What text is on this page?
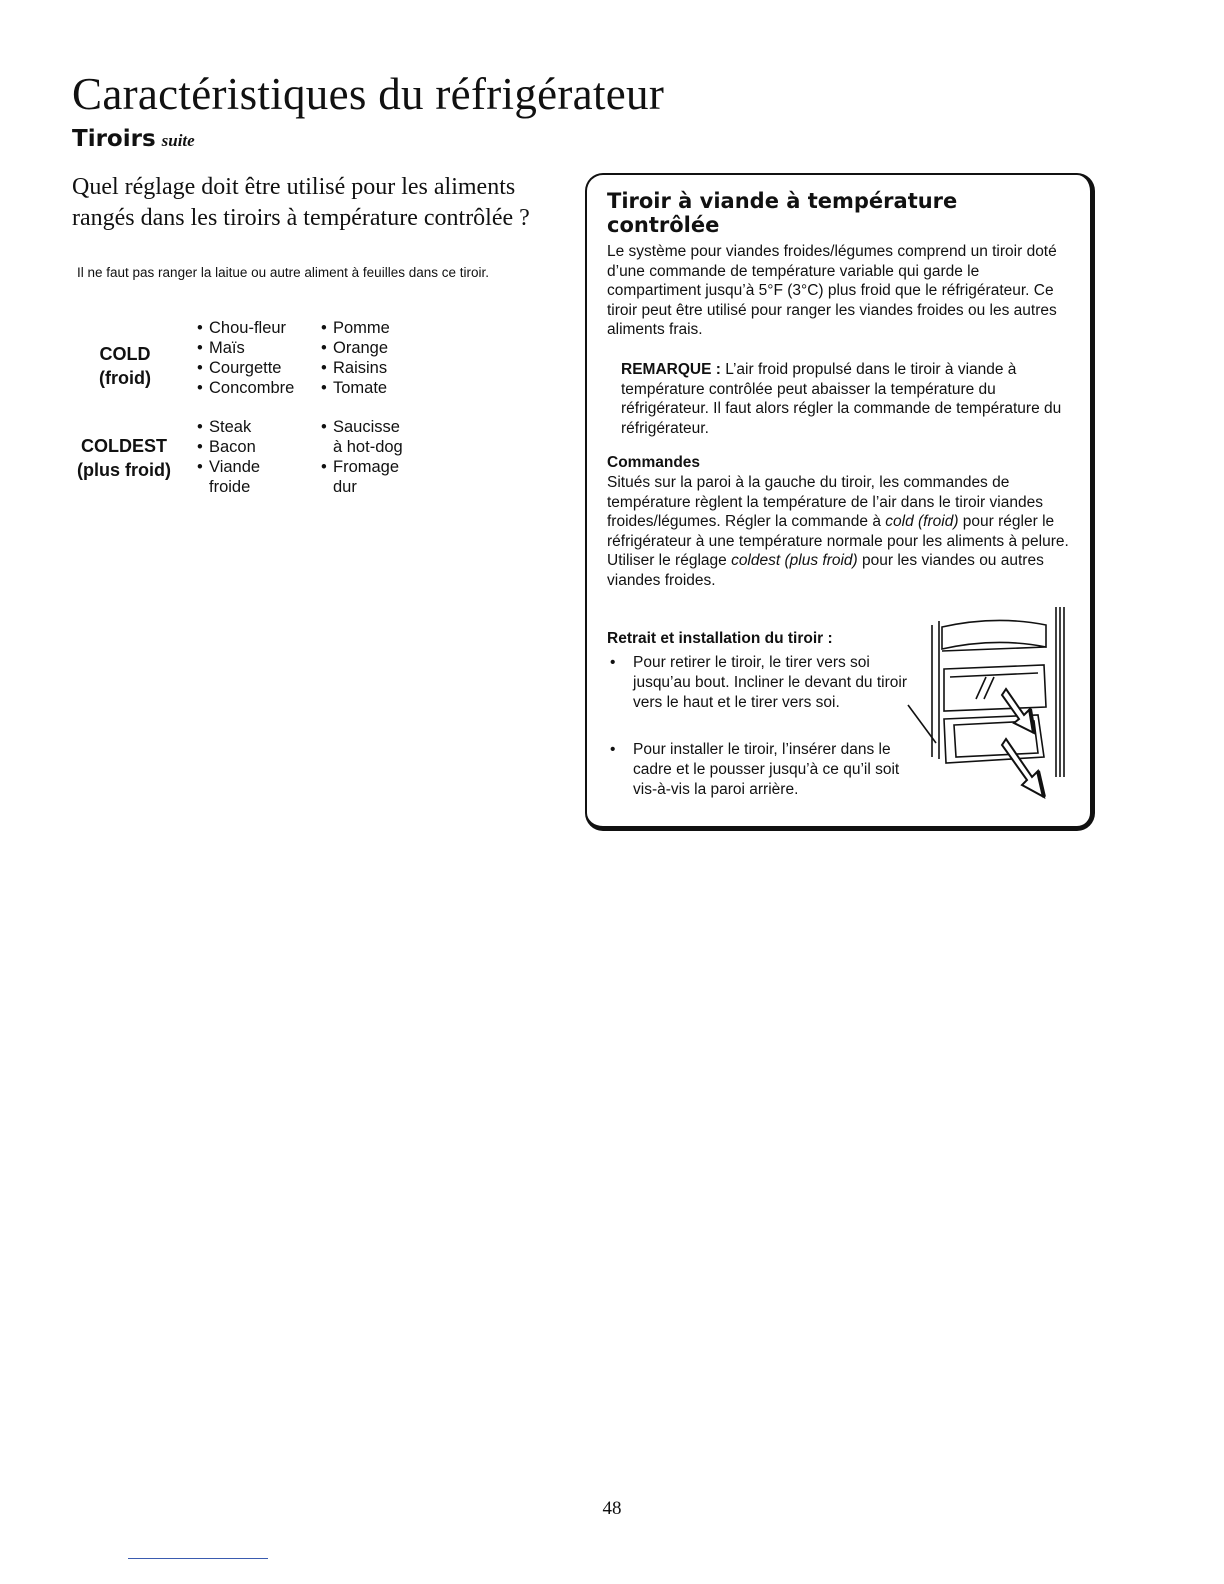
Caractéristiques du réfrigérateur
Tiroirs suite
Quel réglage doit être utilisé pour les aliments rangés dans les tiroirs à température contrôlée ?

Il ne faut pas ranger la laitue ou autre aliment à feuilles dans ce tiroir.

COLD
(froid)
• Chou-fleur
• Maïs
• Courgette
• Concombre
• Pomme
• Orange
• Raisins
• Tomate
COLDEST
(plus froid)
• Steak
• Bacon
• Viande
froide
• Saucisse
à hot-dog
• Fromage
dur
Tiroir à viande à température contrôlée

Le système pour viandes froides/légumes comprend un tiroir doté d’une commande de température variable qui garde le compartiment jusqu’à 5°F (3°C) plus froid que le réfrigérateur. Ce tiroir peut être utilisé pour ranger les viandes froides ou les autres aliments frais.

REMARQUE : L’air froid propulsé dans le tiroir à viande à température contrôlée peut abaisser la température du réfrigérateur. Il faut alors régler la commande de température du réfrigérateur.

Commandes

Situés sur la paroi à la gauche du tiroir, les commandes de température règlent la température de l’air dans le tiroir viandes froides/légumes. Régler la commande à cold (froid) pour régler le réfrigérateur à une température normale pour les aliments à pelure. Utiliser le réglage coldest (plus froid) pour les viandes ou autres viandes froides.

Retrait et installation du tiroir :
• Pour retirer le tiroir, le tirer vers soi jusqu’au bout. Incliner le devant du tiroir vers le haut et le tirer vers soi.
• Pour installer le tiroir, l’insérer dans le cadre et le pousser jusqu’à ce qu’il soit vis-à-vis la paroi arrière.
48
